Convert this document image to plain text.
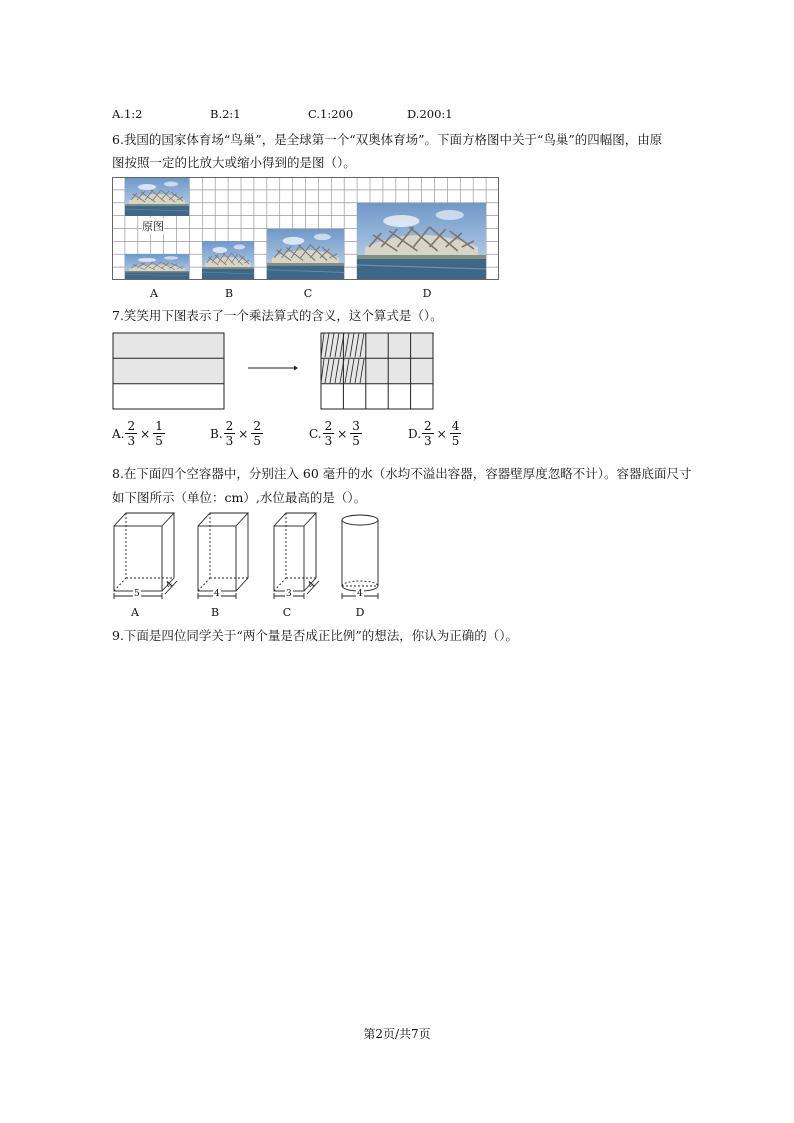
A.1:2	B.2:1	C.1:200	D.200:1
6.我国的国家体育场“鸟巢”，是全球第一个“双奥体育场”。下面方格图中关于“鸟巢”的四幅图，由原
图按照一定的比放大或缩小得到的是图（）。
原图
A	B	C	D
7.笑笑用下图表示了一个乘法算式的含义，这个算式是（）。
A. $\frac{2}{3} \times \frac{1}{5}$	B. $\frac{2}{3} \times \frac{2}{5}$	C. $\frac{2}{3} \times \frac{3}{5}$	D. $\frac{2}{3} \times \frac{4}{5}$
8.在下面四个空容器中，分别注入 60 毫升的水（水均不溢出容器，容器壁厚度忽略不计）。容器底面尺寸
如下图所示（单位：cm）,水位最高的是（）。
5
4
A
4
B
3
4
C
4
D
9.下面是四位同学关于“两个量是否成正比例”的想法，你认为正确的（）。
第2页/共7页
